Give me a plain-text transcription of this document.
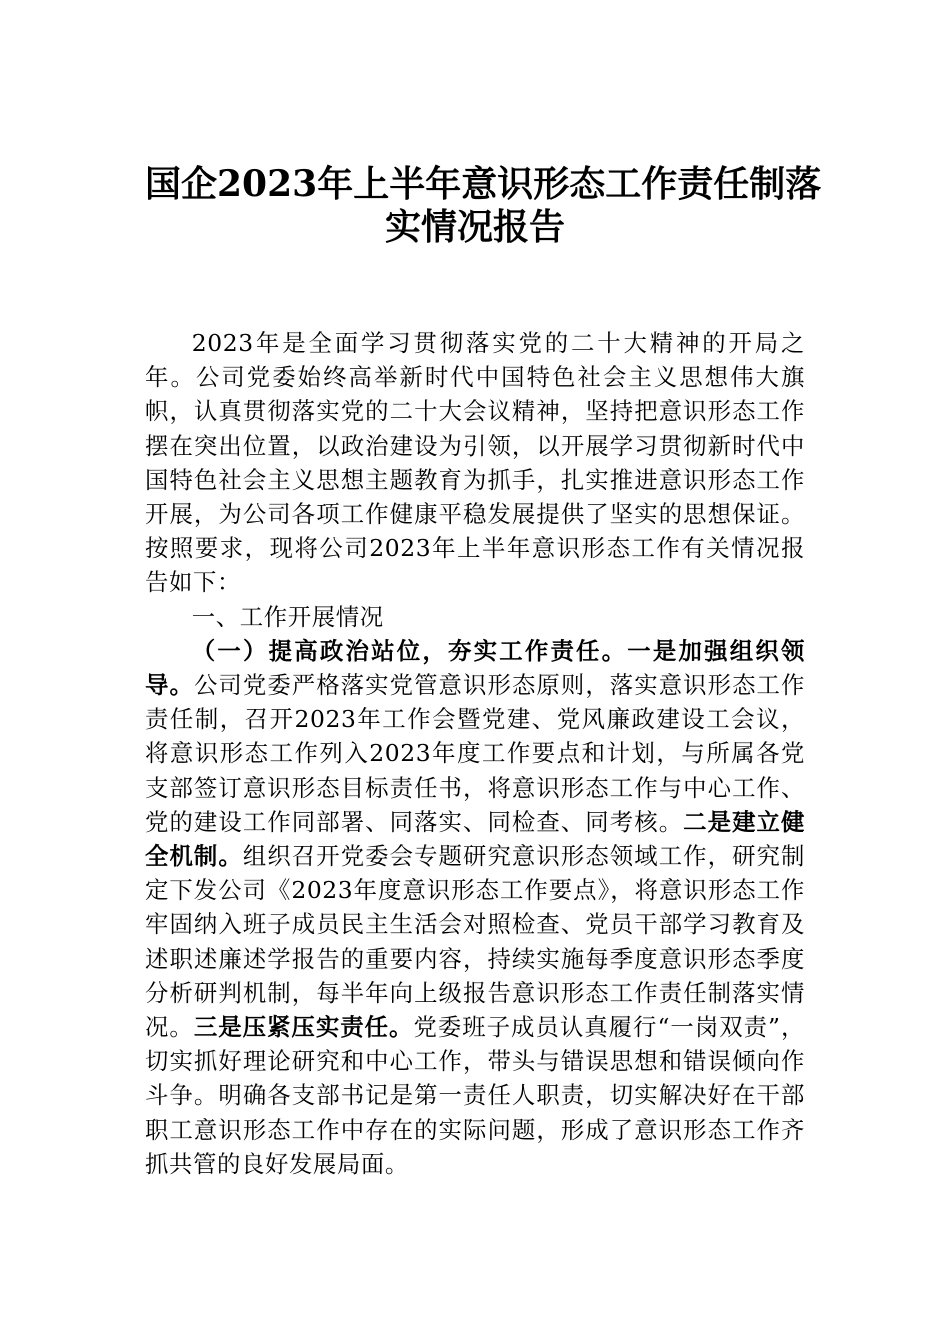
国企2023年上半年意识形态工作责任制落
实情况报告

2023年是全面学习贯彻落实党的二十大精神的开局之年。公司党委始终高举新时代中国特色社会主义思想伟大旗帜，认真贯彻落实党的二十大会议精神，坚持把意识形态工作摆在突出位置，以政治建设为引领，以开展学习贯彻新时代中国特色社会主义思想主题教育为抓手，扎实推进意识形态工作开展，为公司各项工作健康平稳发展提供了坚实的思想保证。按照要求，现将公司2023年上半年意识形态工作有关情况报告如下：

一、工作开展情况

（一）提高政治站位，夯实工作责任。一是加强组织领导。公司党委严格落实党管意识形态原则，落实意识形态工作责任制，召开2023年工作会暨党建、党风廉政建设工会议，将意识形态工作列入2023年度工作要点和计划，与所属各党支部签订意识形态目标责任书，将意识形态工作与中心工作、党的建设工作同部署、同落实、同检查、同考核。二是建立健全机制。组织召开党委会专题研究意识形态领域工作，研究制定下发公司《2023年度意识形态工作要点》，将意识形态工作牢固纳入班子成员民主生活会对照检查、党员干部学习教育及述职述廉述学报告的重要内容，持续实施每季度意识形态季度分析研判机制，每半年向上级报告意识形态工作责任制落实情况。三是压紧压实责任。党委班子成员认真履行“一岗双责”，切实抓好理论研究和中心工作，带头与错误思想和错误倾向作斗争。明确各支部书记是第一责任人职责，切实解决好在干部职工意识形态工作中存在的实际问题，形成了意识形态工作齐抓共管的良好发展局面。
